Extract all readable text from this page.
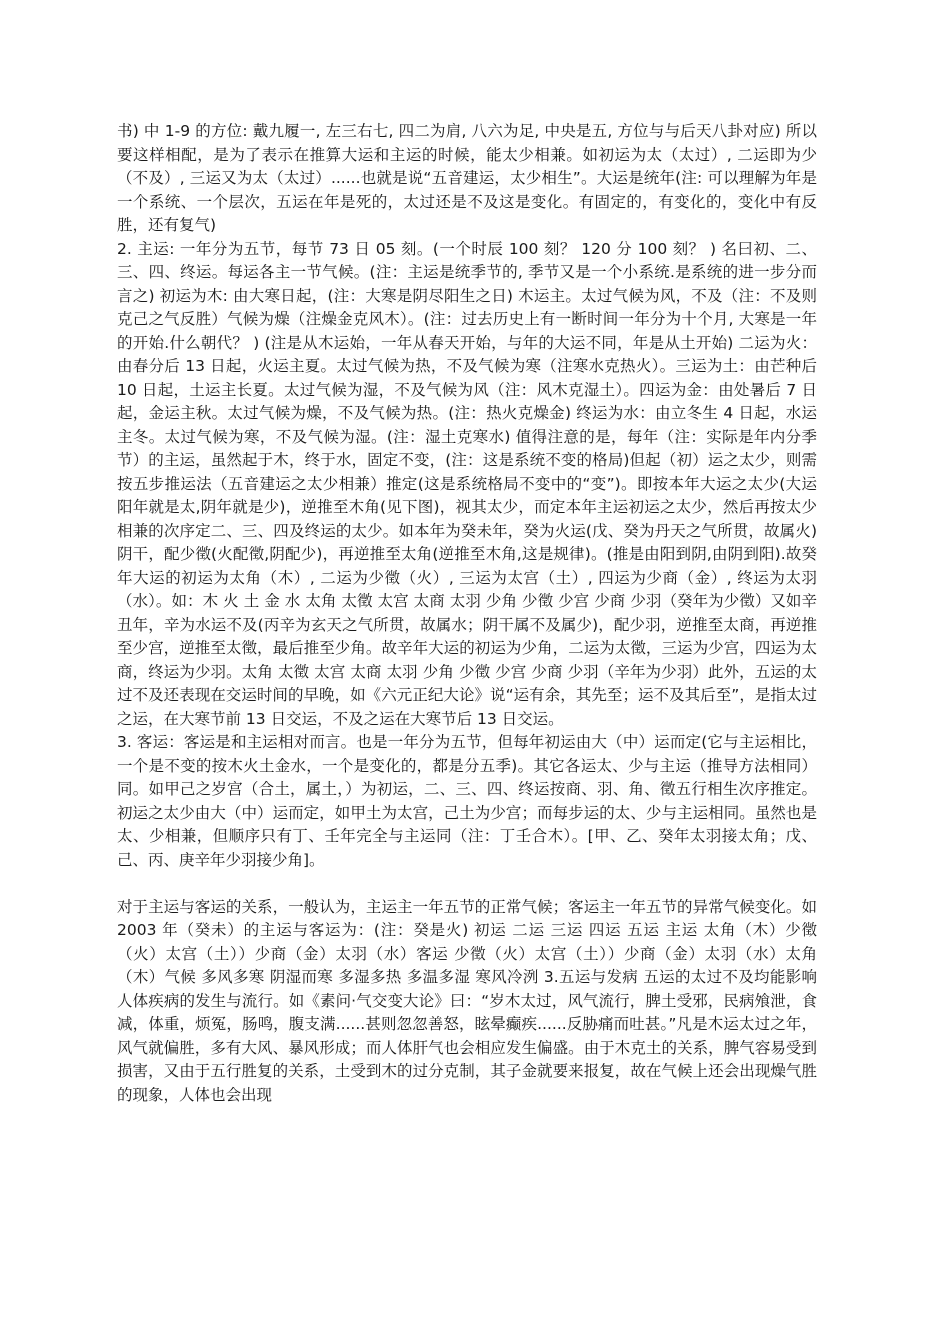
书) 中 1-9 的方位: 戴九履一, 左三右七, 四二为肩, 八六为足, 中央是五, 方位与与后天八卦对应) 所以要这样相配，是为了表示在推算大运和主运的时候，能太少相兼。如初运为太（太过）, 二运即为少（不及）, 三运又为太（太过）......也就是说“五音建运，太少相生”。大运是统年(注: 可以理解为年是一个系统、一个层次，五运在年是死的，太过还是不及这是变化。有固定的，有变化的，变化中有反胜，还有复气)

2. 主运: 一年分为五节，每节 73 日 05 刻。(一个时辰 100 刻？ 120 分 100 刻？ ) 名曰初、二、三、四、终运。每运各主一节气候。(注：主运是统季节的, 季节又是一个小系统.是系统的进一步分而言之) 初运为木: 由大寒日起，(注：大寒是阴尽阳生之日) 木运主。太过气候为风，不及（注：不及则克己之气反胜）气候为燥（注燥金克风木）。(注：过去历史上有一断时间一年分为十个月, 大寒是一年的开始.什么朝代？ ) (注是从木运始，一年从春天开始，与年的大运不同，年是从土开始) 二运为火：由春分后 13 日起，火运主夏。太过气候为热，不及气候为寒（注寒水克热火）。三运为土：由芒种后 10 日起，土运主长夏。太过气候为湿，不及气候为风（注：风木克湿土）。四运为金：由处暑后 7 日起，金运主秋。太过气候为燥，不及气候为热。(注：热火克燥金) 终运为水：由立冬生 4 日起，水运主冬。太过气候为寒，不及气候为湿。(注：湿土克寒水) 值得注意的是，每年（注：实际是年内分季节）的主运，虽然起于木，终于水，固定不变，(注：这是系统不变的格局)但起（初）运之太少，则需按五步推运法（五音建运之太少相兼）推定(这是系统格局不变中的“变”)。即按本年大运之太少(大运阳年就是太,阴年就是少)，逆推至木角(见下图)，视其太少，而定本年主运初运之太少，然后再按太少相兼的次序定二、三、四及终运的太少。如本年为癸未年，癸为火运(戊、癸为丹天之气所贯，故属火)阴干，配少徵(火配徵,阴配少)，再逆推至太角(逆推至木角,这是规律)。(推是由阳到阴,由阴到阳).故癸年大运的初运为太角（木）, 二运为少徵（火）, 三运为太宫（土）, 四运为少商（金）, 终运为太羽（水）。如：木 火 土 金 水 太角 太徵 太宫 太商 太羽 少角 少徵 少宫 少商 少羽（癸年为少徵）又如辛丑年，辛为水运不及(丙辛为玄天之气所贯，故属水；阴干属不及属少)，配少羽，逆推至太商，再逆推至少宫，逆推至太徵，最后推至少角。故辛年大运的初运为少角，二运为太徵，三运为少宫，四运为太商，终运为少羽。太角 太徵 太宫 太商 太羽 少角 少徵 少宫 少商 少羽（辛年为少羽）此外，五运的太过不及还表现在交运时间的早晚，如《六元正纪大论》说“运有余，其先至；运不及其后至”，是指太过之运，在大寒节前 13 日交运，不及之运在大寒节后 13 日交运。

3. 客运：客运是和主运相对而言。也是一年分为五节，但每年初运由大（中）运而定(它与主运相比，一个是不变的按木火土金水，一个是变化的，都是分五季)。其它各运太、少与主运（推导方法相同）同。如甲己之岁宫（合土，属土，）为初运，二、三、四、终运按商、羽、角、徵五行相生次序推定。初运之太少由大（中）运而定，如甲土为太宫，己土为少宫；而每步运的太、少与主运相同。虽然也是太、少相兼，但顺序只有丁、壬年完全与主运同（注：丁壬合木）。[甲、乙、癸年太羽接太角；戊、己、丙、庚辛年少羽接少角]。

对于主运与客运的关系，一般认为，主运主一年五节的正常气候；客运主一年五节的异常气候变化。如 2003 年（癸未）的主运与客运为：(注：癸是火) 初运 二运 三运 四运 五运 主运 太角（木）少徵（火）太宫（土））少商（金）太羽（水）客运 少徵（火）太宫（土））少商（金）太羽（水）太角（木）气候 多风多寒 阴湿而寒 多湿多热 多温多湿 寒风冷洌 3.五运与发病 五运的太过不及均能影响人体疾病的发生与流行。如《素问·气交变大论》曰：“岁木太过，风气流行，脾土受邪，民病飧泄，食减，体重，烦冤，肠鸣，腹支满......甚则忽忽善怒，眩晕癫疾......反胁痛而吐甚。”凡是木运太过之年，风气就偏胜，多有大风、暴风形成；而人体肝气也会相应发生偏盛。由于木克土的关系，脾气容易受到损害，又由于五行胜复的关系，土受到木的过分克制，其子金就要来报复，故在气候上还会出现燥气胜的现象，人体也会出现
